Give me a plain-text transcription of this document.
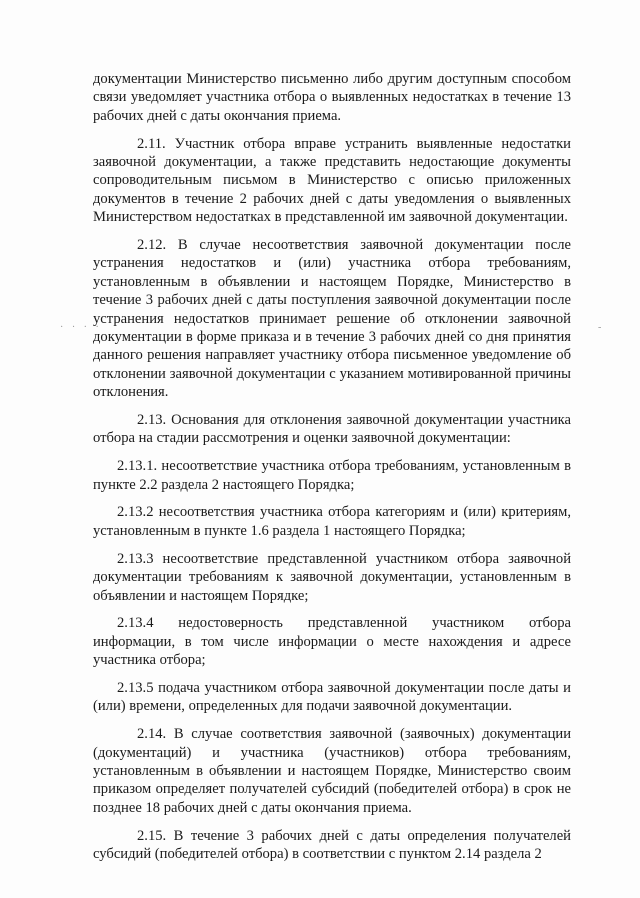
· · · ·	-

документации Министерство письменно либо другим доступным способом связи уведомляет участника отбора о выявленных недостатках в течение 13 рабочих дней с даты окончания приема.

2.11. Участник отбора вправе устранить выявленные недостатки заявочной документации, а также представить недостающие документы сопроводительным письмом в Министерство с описью приложенных документов в течение 2 рабочих дней с даты уведомления о выявленных Министерством недостатках в представленной им заявочной документации.

2.12. В случае несоответствия заявочной документации после устранения недостатков и (или) участника отбора требованиям, установленным в объявлении и настоящем Порядке, Министерство в течение 3 рабочих дней с даты поступления заявочной документации после устранения недостатков принимает решение об отклонении заявочной документации в форме приказа и в течение 3 рабочих дней со дня принятия данного решения направляет участнику отбора письменное уведомление об отклонении заявочной документации с указанием мотивированной причины отклонения.

2.13. Основания для отклонения заявочной документации участника отбора на стадии рассмотрения и оценки заявочной документации:

2.13.1. несоответствие участника отбора требованиям, установленным в пункте 2.2 раздела 2 настоящего Порядка;

2.13.2 несоответствия участника отбора категориям и (или) критериям, установленным в пункте 1.6 раздела 1 настоящего Порядка;

2.13.3 несоответствие представленной участником отбора заявочной документации требованиям к заявочной документации, установленным в объявлении и настоящем Порядке;

2.13.4 недостоверность представленной участником отбора информации, в том числе информации о месте нахождения и адресе участника отбора;

2.13.5 подача участником отбора заявочной документации после даты и (или) времени, определенных для подачи заявочной документации.

2.14. В случае соответствия заявочной (заявочных) документации (документаций) и участника (участников) отбора требованиям, установленным в объявлении и настоящем Порядке, Министерство своим приказом определяет получателей субсидий (победителей отбора) в срок не позднее 18 рабочих дней с даты окончания приема.

2.15. В течение 3 рабочих дней с даты определения получателей субсидий (победителей отбора) в соответствии с пунктом 2.14 раздела 2
